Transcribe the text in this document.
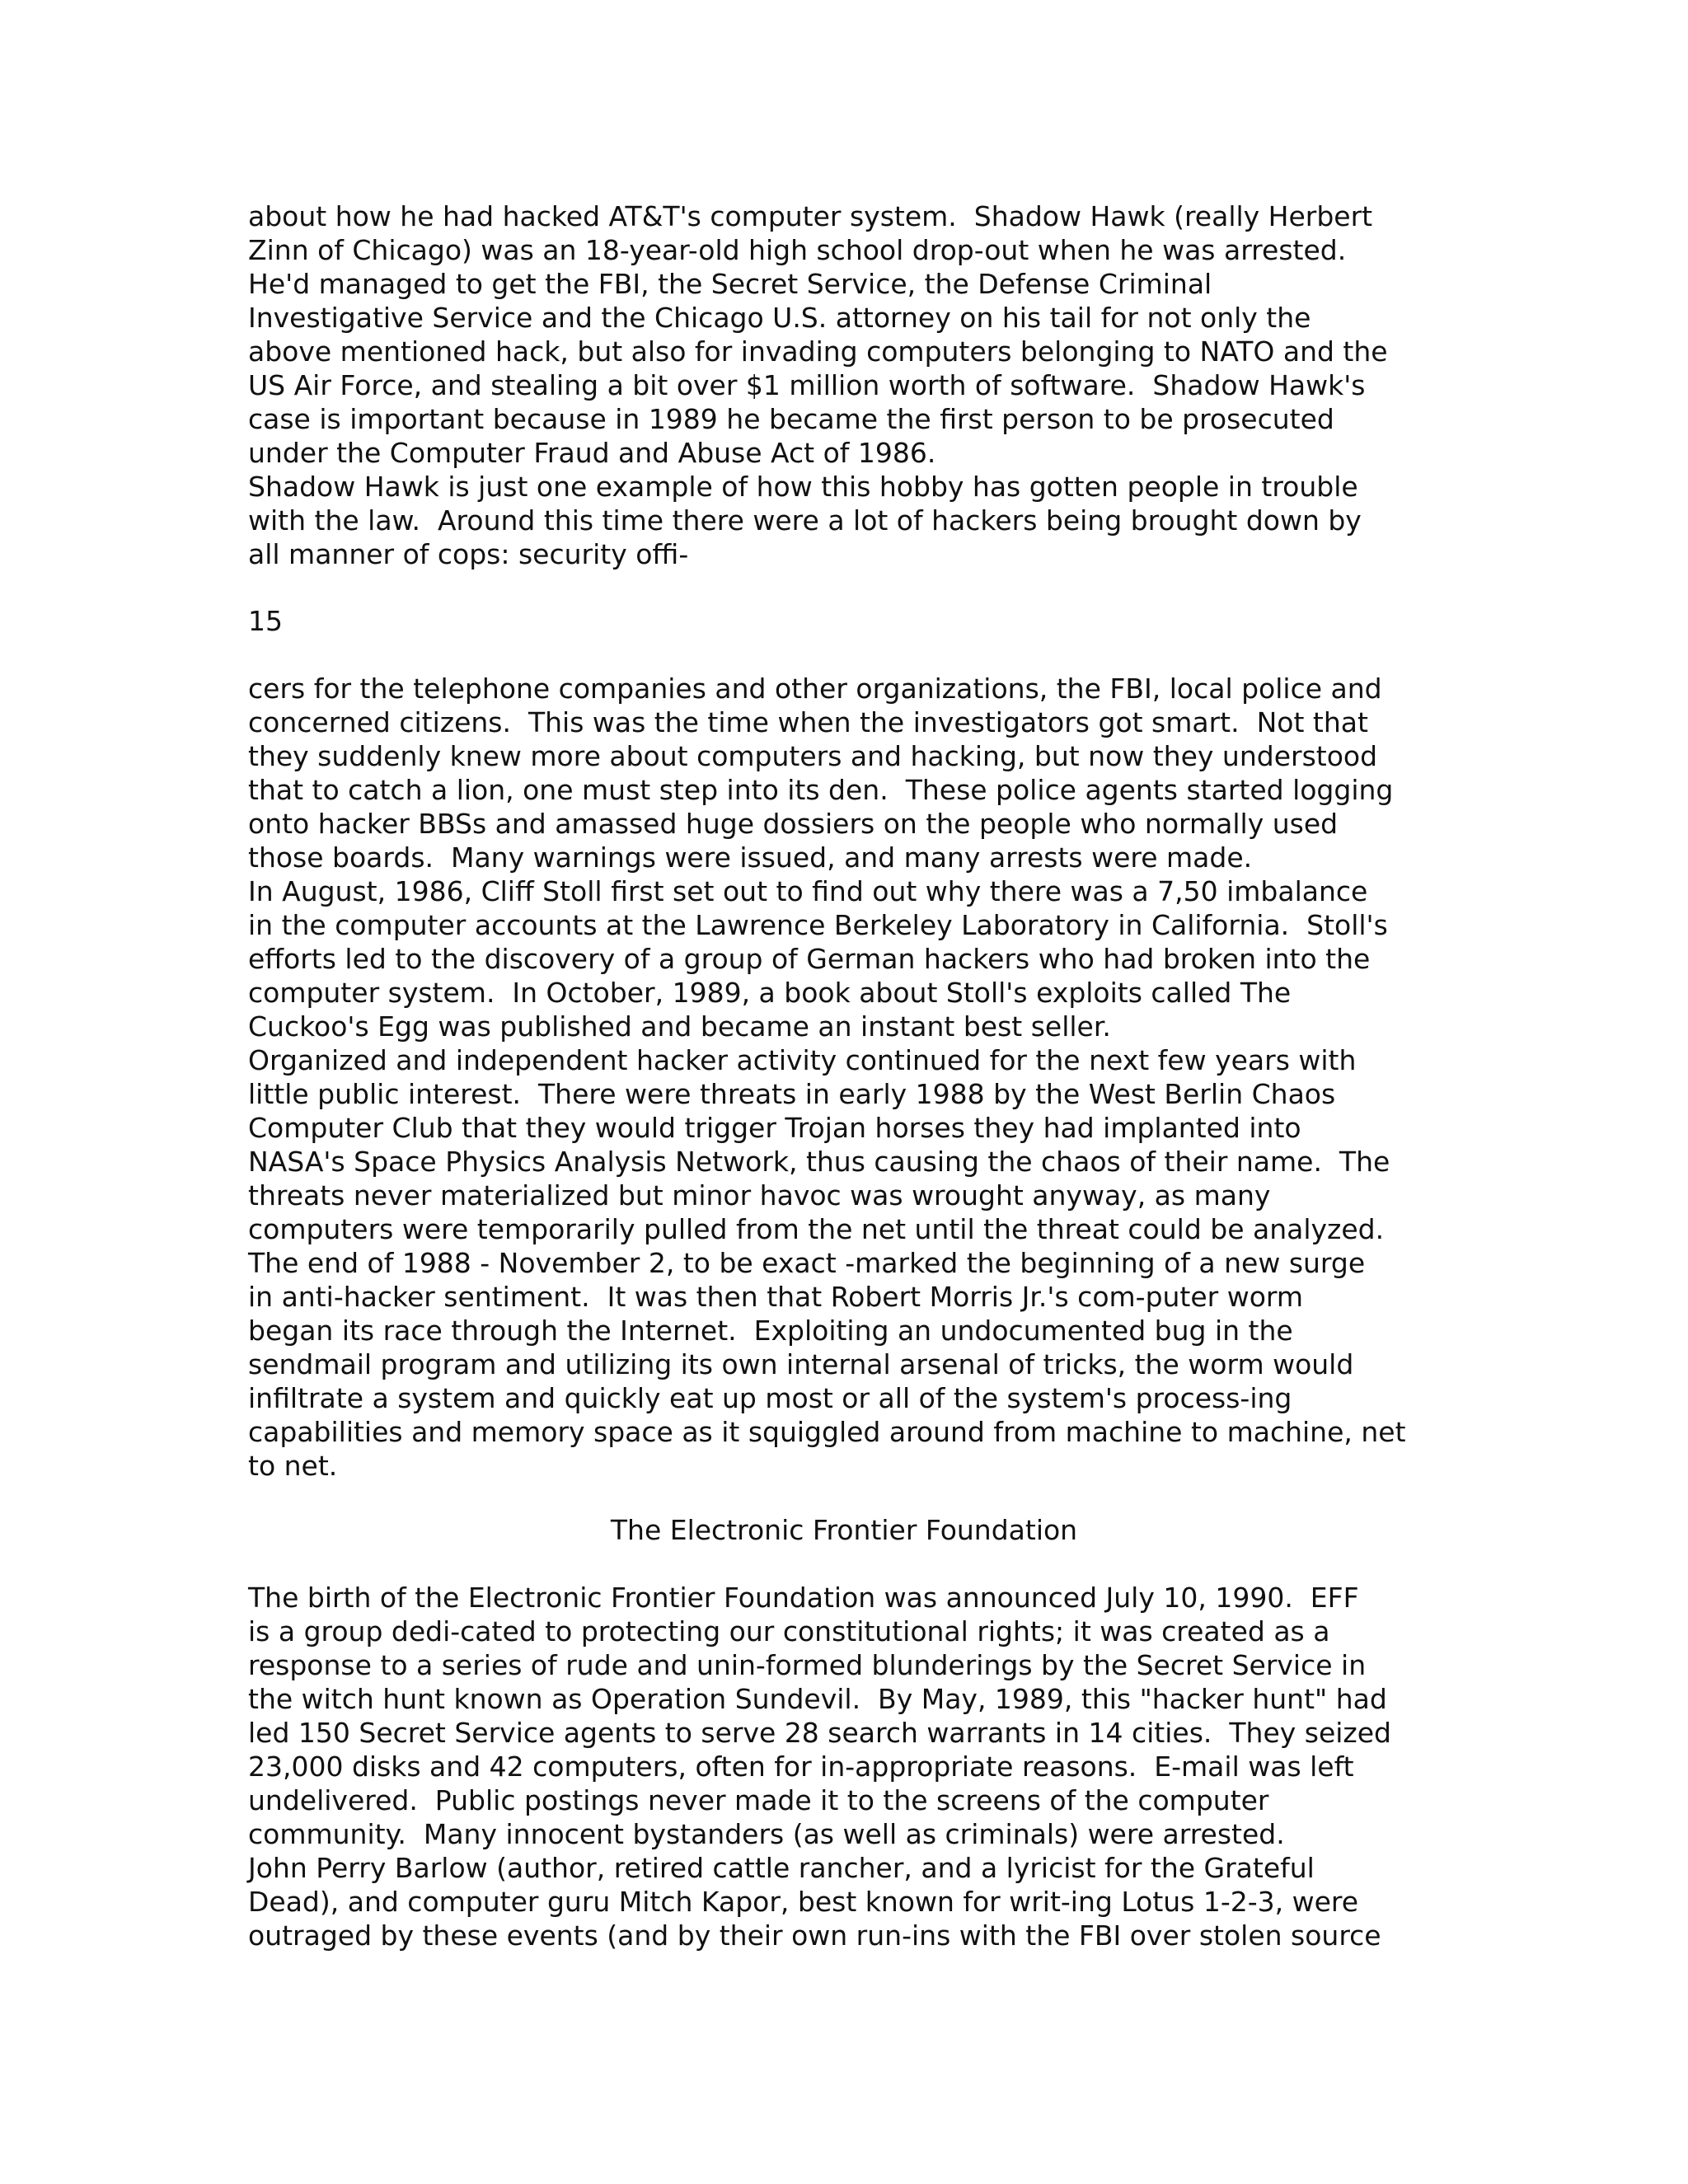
about how he had hacked AT&T's computer system.  Shadow Hawk (really Herbert
Zinn of Chicago) was an 18-year-old high school drop-out when he was arrested.
He'd managed to get the FBI, the Secret Service, the Defense Criminal
Investigative Service and the Chicago U.S. attorney on his tail for not only the
above mentioned hack, but also for invading computers belonging to NATO and the
US Air Force, and stealing a bit over $1 million worth of software.  Shadow Hawk's
case is important because in 1989 he became the first person to be prosecuted
under the Computer Fraud and Abuse Act of 1986.
Shadow Hawk is just one example of how this hobby has gotten people in trouble
with the law.  Around this time there were a lot of hackers being brought down by
all manner of cops: security offi-
15
cers for the telephone companies and other organizations, the FBI, local police and
concerned citizens.  This was the time when the investigators got smart.  Not that
they suddenly knew more about computers and hacking, but now they understood
that to catch a lion, one must step into its den.  These police agents started logging
onto hacker BBSs and amassed huge dossiers on the people who normally used
those boards.  Many warnings were issued, and many arrests were made.
In August, 1986, Cliff Stoll first set out to find out why there was a 7,50 imbalance
in the computer accounts at the Lawrence Berkeley Laboratory in California.  Stoll's
efforts led to the discovery of a group of German hackers who had broken into the
computer system.  In October, 1989, a book about Stoll's exploits called The
Cuckoo's Egg was published and became an instant best seller.
Organized and independent hacker activity continued for the next few years with
little public interest.  There were threats in early 1988 by the West Berlin Chaos
Computer Club that they would trigger Trojan horses they had implanted into
NASA's Space Physics Analysis Network, thus causing the chaos of their name.  The
threats never materialized but minor havoc was wrought anyway, as many
computers were temporarily pulled from the net until the threat could be analyzed.
The end of 1988 - November 2, to be exact -marked the beginning of a new surge
in anti-hacker sentiment.  It was then that Robert Morris Jr.'s com-puter worm
began its race through the Internet.  Exploiting an undocumented bug in the
sendmail program and utilizing its own internal arsenal of tricks, the worm would
infiltrate a system and quickly eat up most or all of the system's process-ing
capabilities and memory space as it squiggled around from machine to machine, net
to net.
The Electronic Frontier Foundation
The birth of the Electronic Frontier Foundation was announced July 10, 1990.  EFF
is a group dedi-cated to protecting our constitutional rights; it was created as a
response to a series of rude and unin-formed blunderings by the Secret Service in
the witch hunt known as Operation Sundevil.  By May, 1989, this "hacker hunt" had
led 150 Secret Service agents to serve 28 search warrants in 14 cities.  They seized
23,000 disks and 42 computers, often for in-appropriate reasons.  E-mail was left
undelivered.  Public postings never made it to the screens of the computer
community.  Many innocent bystanders (as well as criminals) were arrested.
John Perry Barlow (author, retired cattle rancher, and a lyricist for the Grateful
Dead), and computer guru Mitch Kapor, best known for writ-ing Lotus 1-2-3, were
outraged by these events (and by their own run-ins with the FBI over stolen source
